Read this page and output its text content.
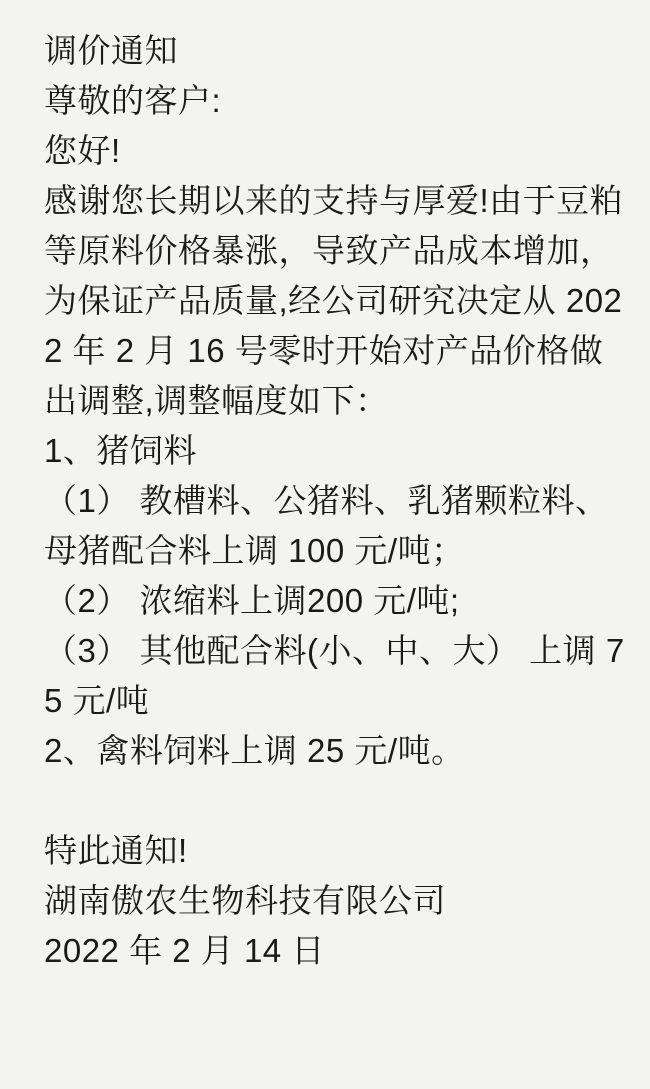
调价通知

尊敬的客户:

您好!

感谢您长期以来的支持与厚爱!由于豆粕等原料价格暴涨，导致产品成本增加，为保证产品质量,经公司研究决定从 2022 年 2 月 16 号零时开始对产品价格做出调整,调整幅度如下：

1、猪饲料

（1） 教槽料、公猪料、乳猪颗粒料、母猪配合料上调 100 元/吨；

（2） 浓缩料上调200 元/吨;

（3） 其他配合料(小、中、大） 上调 75 元/吨

2、禽料饲料上调 25 元/吨。

特此通知!

湖南傲农生物科技有限公司

2022 年 2 月 14 日
